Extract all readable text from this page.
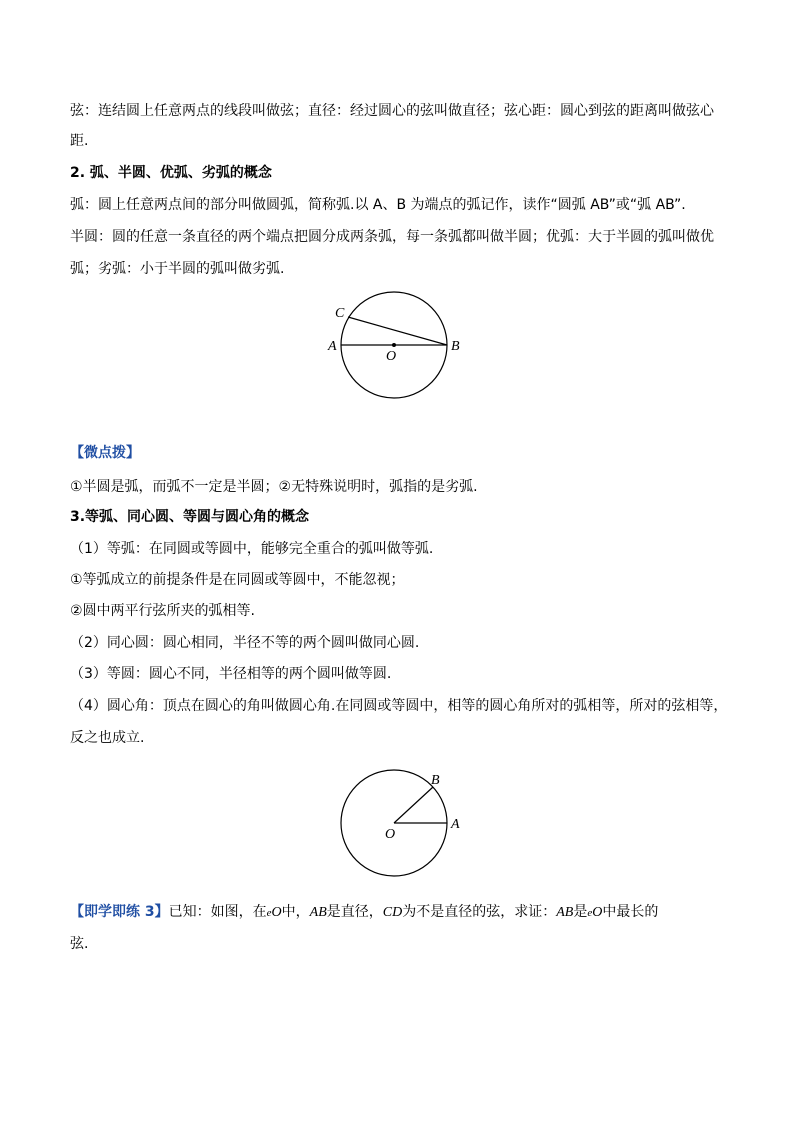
弦：连结圆上任意两点的线段叫做弦；直径：经过圆心的弦叫做直径；弦心距：圆心到弦的距离叫做弦心
距.
2. 弧、半圆、优弧、劣弧的概念
弧：圆上任意两点间的部分叫做圆弧，简称弧.以 A、B 为端点的弧记作，读作“圆弧 AB”或“弧 AB”.
半圆：圆的任意一条直径的两个端点把圆分成两条弧，每一条弧都叫做半圆；优弧：大于半圆的弧叫做优
弧；劣弧：小于半圆的弧叫做劣弧.
C
A
O
B
【微点拨】
①半圆是弧，而弧不一定是半圆；②无特殊说明时，弧指的是劣弧.
3.等弧、同心圆、等圆与圆心角的概念
（1）等弧：在同圆或等圆中，能够完全重合的弧叫做等弧.
①等弧成立的前提条件是在同圆或等圆中，不能忽视；
②圆中两平行弦所夹的弧相等.
（2）同心圆：圆心相同，半径不等的两个圆叫做同心圆.
（3）等圆：圆心不同，半径相等的两个圆叫做等圆.
（4）圆心角：顶点在圆心的角叫做圆心角.在同圆或等圆中，相等的圆心角所对的弧相等，所对的弦相等，
反之也成立.
B
O
A
【即学即练 3】已知：如图，在eO中，AB是直径，CD为不是直径的弦，求证：AB是eO中最长的
弦.
